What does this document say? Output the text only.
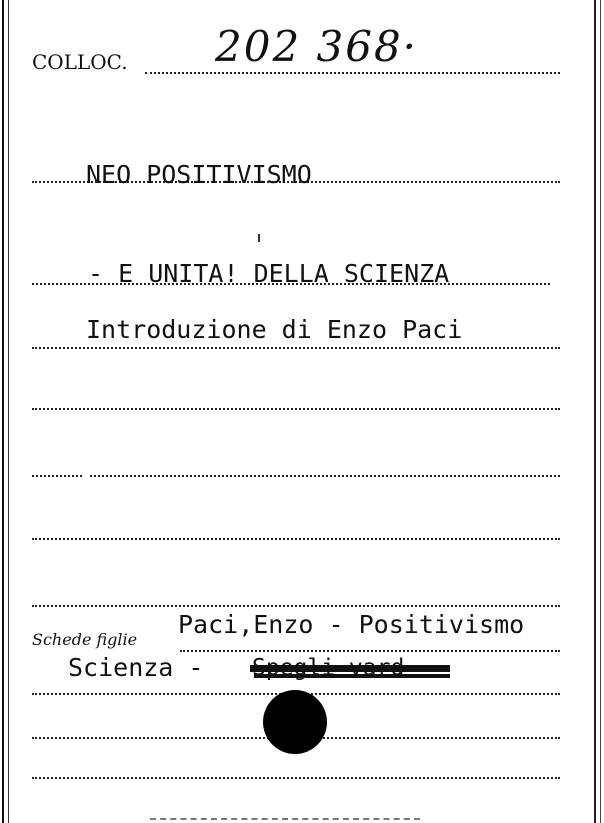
COLLOC. 202 368·
NEO POSITIVISMO
- E UNITA! DELLA SCIENZA
Introduzione di Enzo Paci
Schede figlie
Paci,Enzo - Positivismo
Scienza -
